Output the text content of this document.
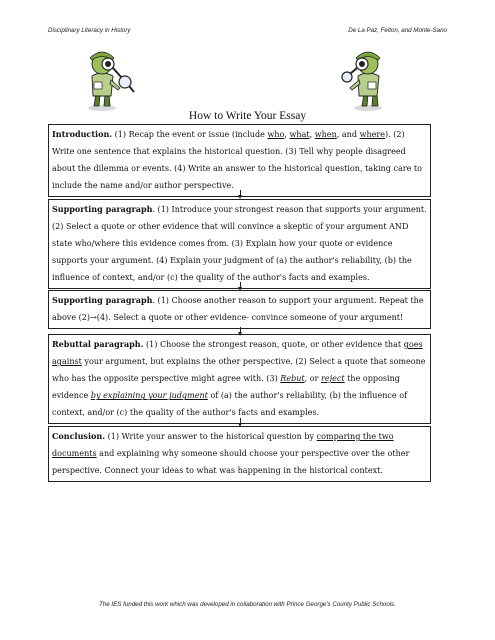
Disciplinary Literacy in History	De La Paz, Felton, and Monte-Sano
How to Write Your Essay

Introduction. (1) Recap the event or issue (include who, what, when, and where). (2) Write one sentence that explains the historical question. (3) Tell why people disagreed about the dilemma or events. (4) Write an answer to the historical question, taking care to include the name and/or author perspective.

Supporting paragraph. (1) Introduce your strongest reason that supports your argument. (2) Select a quote or other evidence that will convince a skeptic of your argument AND state who/where this evidence comes from. (3) Explain how your quote or evidence supports your argument. (4) Explain your judgment of (a) the author's reliability, (b) the influence of context, and/or (c) the quality of the author's facts and examples.

Supporting paragraph. (1) Choose another reason to support your argument. Repeat the above (2)→(4). Select a quote or other evidence- convince someone of your argument!

Rebuttal paragraph. (1) Choose the strongest reason, quote, or other evidence that goes against your argument, but explains the other perspective. (2) Select a quote that someone who has the opposite perspective might agree with. (3) Rebut, or reject the opposing evidence by explaining your judgment of (a) the author's reliability, (b) the influence of context, and/or (c) the quality of the author's facts and examples.

Conclusion. (1) Write your answer to the historical question by comparing the two documents and explaining why someone should choose your perspective over the other perspective. Connect your ideas to what was happening in the historical context.

The IES funded this work which was developed in collaboration with Prince George's County Public Schools.
